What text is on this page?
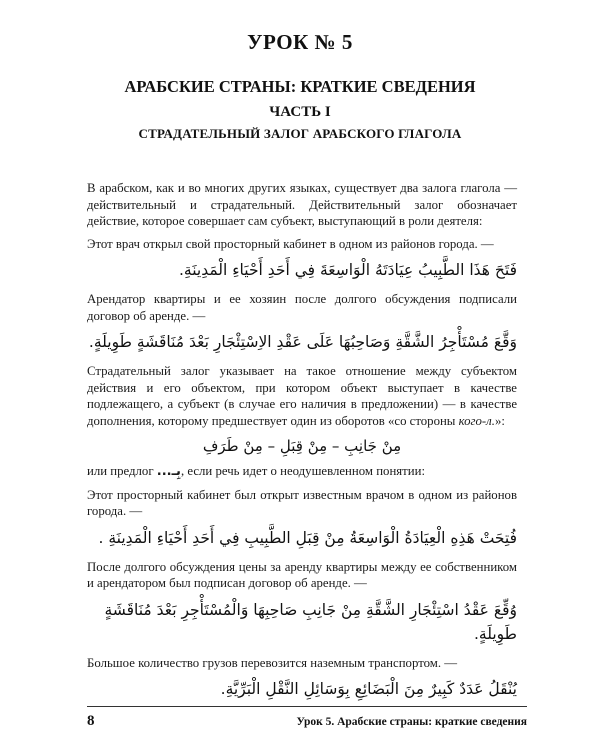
УРОК № 5
АРАБСКИЕ СТРАНЫ: КРАТКИЕ СВЕДЕНИЯ
ЧАСТЬ I
СТРАДАТЕЛЬНЫЙ ЗАЛОГ АРАБСКОГО ГЛАГОЛА

В арабском, как и во многих других языках, существует два залога глагола — действительный и страдательный. Действительный залог обозначает действие, которое совершает сам субъект, выступающий в роли деятеля:

Этот врач открыл свой просторный кабинет в одном из районов города. —

فَتَحَ هَذَا الطَّبِيبُ عِيَادَتَهُ الْوَاسِعَةَ فِي أَحَدِ أَحْيَاءِ الْمَدِينَةِ.

Арендатор квартиры и ее хозяин после долгого обсуждения подписали договор об аренде. —

وَقَّعَ مُسْتَأْجِرُ الشَّقَّةِ وَصَاحِبُهَا عَلَى عَقْدِ الاِسْتِئْجَارِ بَعْدَ مُنَاقَشَةٍ طَوِيلَةٍ.

Страдательный залог указывает на такое отношение между субъектом действия и его объектом, при котором объект выступает в качестве подлежащего, а субъект (в случае его наличия в предложении) — в качестве дополнения, которому предшествует один из оборотов «со стороны кого-л.»:

مِنْ جَانِبِ – مِنْ قِبَلِ – مِنْ طَرَفِ

или предлог بِـ..., если речь идет о неодушевленном понятии:

Этот просторный кабинет был открыт известным врачом в одном из районов города. —

فُتِحَتْ هَذِهِ الْعِيَادَةُ الْوَاسِعَةُ مِنْ قِبَلِ الطَّبِيبِ فِي أَحَدِ أَحْيَاءِ الْمَدِينَةِ .

После долгого обсуждения цены за аренду квартиры между ее собственником и арендатором был подписан договор об аренде. —

وُقِّعَ عَقْدُ اسْتِئْجَارِ الشَّقَّةِ مِنْ جَانِبِ صَاحِبِهَا وَالْمُسْتَأْجِرِ بَعْدَ مُنَاقَشَةٍ طَوِيلَةٍ.

Большое количество грузов перевозится наземным транспортом. —

يُنْقَلُ عَدَدٌ كَبِيرٌ مِنَ الْبَضَائِعِ بِوَسَائِلِ النَّقْلِ الْبَرِّيَّةِ.

8	Урок 5. Арабские страны: краткие сведения
